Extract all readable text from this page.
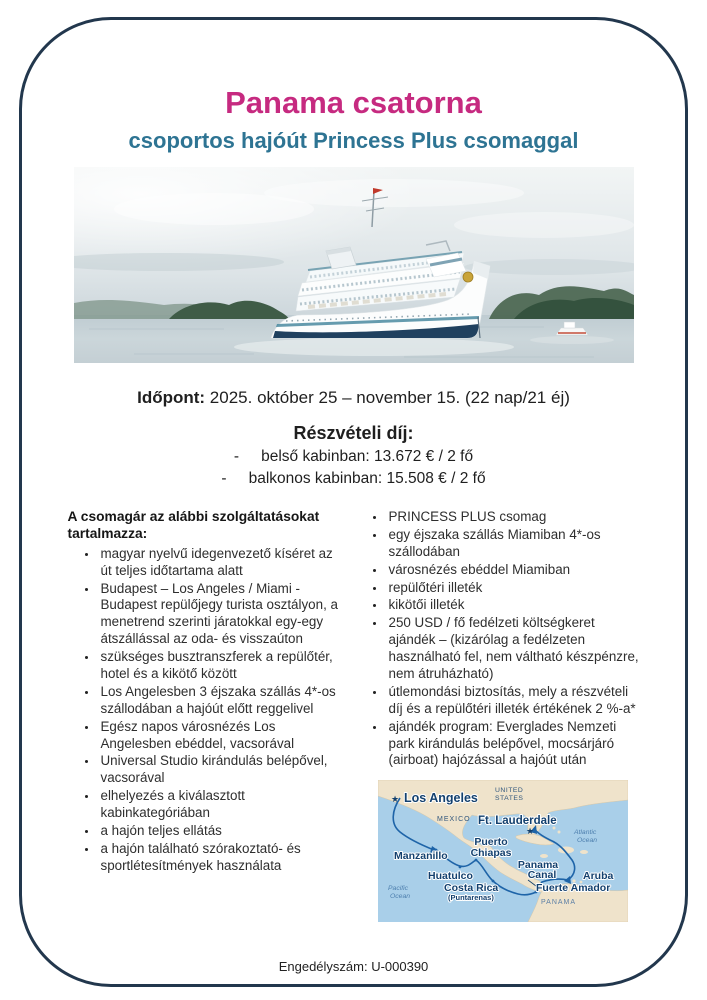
Panama csatorna
csoportos hajóút Princess Plus csomaggal

Időpont: 2025. október 25 – november 15. (22 nap/21 éj)

Részvételi díj:

- belső kabinban: 13.672 € / 2 fő
- balkonos kabinban: 15.508 € / 2 fő

A csomagár az alábbi szolgáltatásokat tartalmazza:

• magyar nyelvű idegenvezető kíséret az út teljes időtartama alatt
• Budapest – Los Angeles / Miami - Budapest repülőjegy turista osztályon, a menetrend szerinti járatokkal egy-egy átszállással az oda- és visszaúton
• szükséges busztranszferek a repülőtér, hotel és a kikötő között
• Los Angelesben 3 éjszaka szállás 4*-os szállodában a hajóút előtt reggelivel
• Egész napos városnézés Los Angelesben ebéddel, vacsorával
• Universal Studio kirándulás belépővel, vacsorával
• elhelyezés a kiválasztott kabinkategóriában
• a hajón teljes ellátás
• a hajón található szórakoztató- és sportlétesítmények használata
• PRINCESS PLUS csomag
• egy éjszaka szállás Miamiban 4*-os szállodában
• városnézés ebéddel Miamiban
• repülőtéri illeték
• kikötői illeték
• 250 USD / fő fedélzeti költségkeret ajándék – (kizárólag a fedélzeten használható fel, nem váltható készpénzre, nem átruházható)
• útlemondási biztosítás, mely a részvételi díj és a repülőtéri illeték értékének 2 %-a*
• ajándék program: Everglades Nemzeti park kirándulás belépővel, mocsárjáró (airboat) hajózással a hajóút után
★
★
Los Angeles
Ft. Lauderdale
Manzanillo
Puerto
Chiapas
Panama
Canal
Huatulco	Aruba
Costa Rica
(Puntarenas)
Fuerte Amador
UNITED
STATES
MEXICO
PANAMA
Atlantic
Ocean
Pacific
Ocean

Engedélyszám: U-000390
